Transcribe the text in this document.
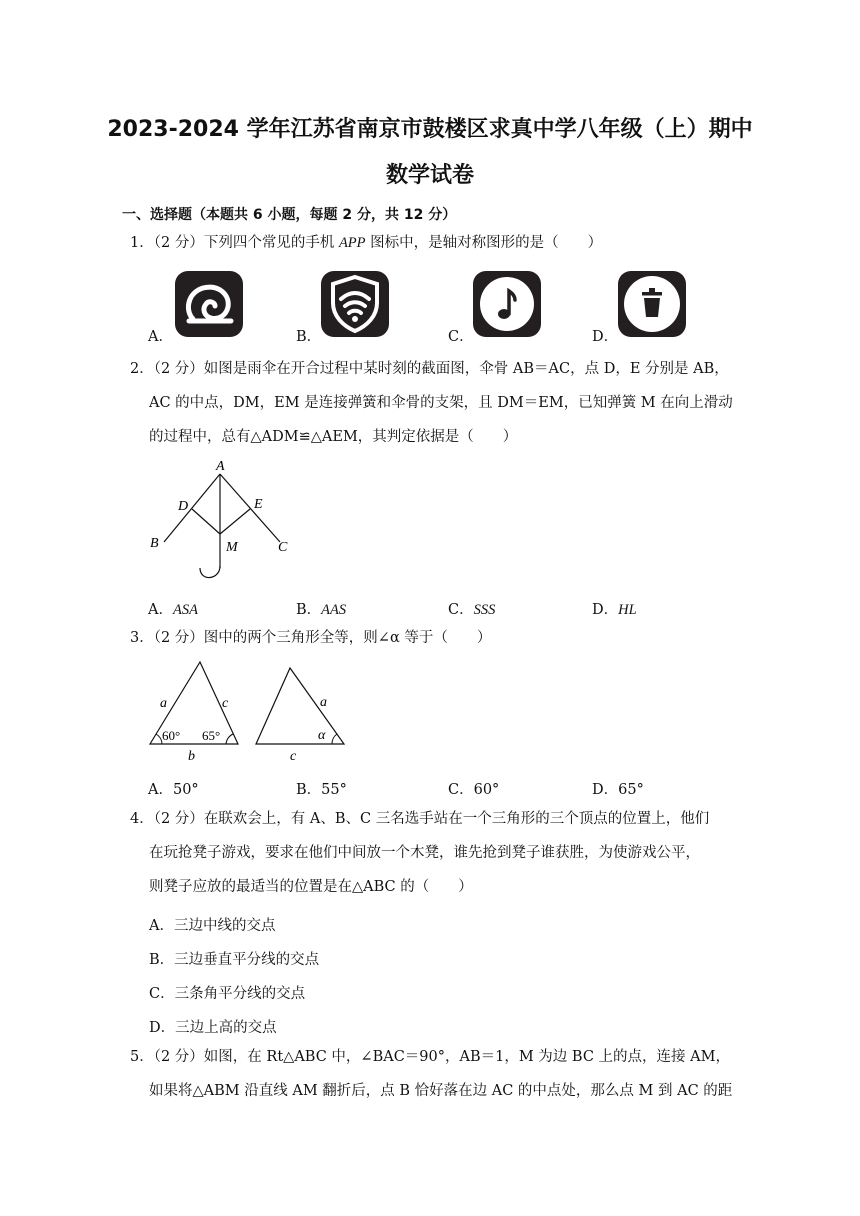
2023-2024 学年江苏省南京市鼓楼区求真中学八年级（上）期中
数学试卷
一、选择题（本题共 6 小题，每题 2 分，共 12 分）
1．（2 分）下列四个常见的手机 APP 图标中，是轴对称图形的是（　　）
A．	B．	C．	D．
2．（2 分）如图是雨伞在开合过程中某时刻的截面图，伞骨 AB＝AC，点 D，E 分别是 AB，
AC 的中点，DM，EM 是连接弹簧和伞骨的支架，且 DM＝EM，已知弹簧 M 在向上滑动
的过程中，总有△ADM≌△AEM，其判定依据是（　　）
A
D	E
B	M	C
A．ASA	B．AAS	C．SSS	D．HL
3．（2 分）图中的两个三角形全等，则∠α 等于（　　）
a	c
b
60° 65°
a
c
α
A．50°	B．55°	C．60°	D．65°
4．（2 分）在联欢会上，有 A、B、C 三名选手站在一个三角形的三个顶点的位置上，他们
在玩抢凳子游戏，要求在他们中间放一个木凳，谁先抢到凳子谁获胜，为使游戏公平，
则凳子应放的最适当的位置是在△ABC 的（　　）
A．三边中线的交点
B．三边垂直平分线的交点
C．三条角平分线的交点
D．三边上高的交点
5．（2 分）如图，在 Rt△ABC 中，∠BAC＝90°，AB＝1，M 为边 BC 上的点，连接 AM，
如果将△ABM 沿直线 AM 翻折后，点 B 恰好落在边 AC 的中点处，那么点 M 到 AC 的距
